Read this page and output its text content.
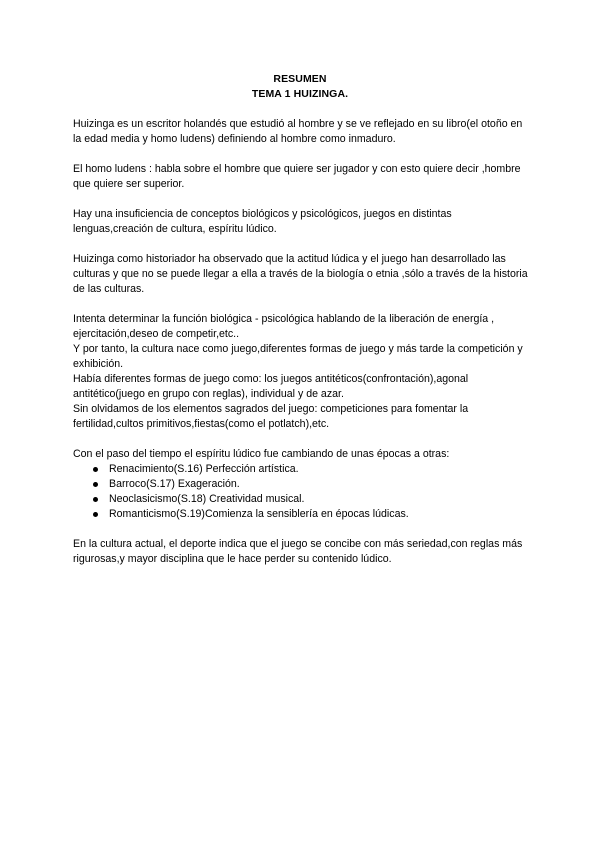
RESUMEN
TEMA 1 HUIZINGA.

Huizinga es un escritor holandés que estudió al hombre y se ve reflejado en su libro(el otoño en la edad media y homo ludens) definiendo al hombre como inmaduro.

El homo ludens : habla sobre el hombre que quiere ser jugador y con esto quiere decir ,hombre que quiere ser superior.

Hay una insuficiencia de conceptos biológicos y psicológicos, juegos en distintas lenguas,creación de cultura, espíritu lúdico.

Huizinga como historiador ha observado que la actitud lúdica y el juego han desarrollado las culturas y que no se puede llegar a ella a través de la biología o etnia ,sólo a través de la historia de las culturas.

Intenta determinar la función biológica - psicológica hablando de la liberación de energía , ejercitación,deseo de competir,etc..

Y por tanto, la cultura nace como juego,diferentes formas de juego y más tarde la competición y exhibición.

Había diferentes formas de juego como: los juegos antitéticos(confrontación),agonal antitético(juego en grupo con reglas), individual y de azar.

Sin olvidamos de los elementos sagrados del juego: competiciones para fomentar la fertilidad,cultos primitivos,fiestas(como el potlatch),etc.

Con el paso del tiempo el espíritu lúdico fue cambiando de unas épocas a otras:

Renacimiento(S.16) Perfección artística.
Barroco(S.17) Exageración.
Neoclasicismo(S.18) Creatividad musical.
Romanticismo(S.19)Comienza la sensiblería en épocas lúdicas.

En la cultura actual, el deporte indica que el juego se concibe con más seriedad,con reglas más rigurosas,y mayor disciplina que le hace perder su contenido lúdico.
